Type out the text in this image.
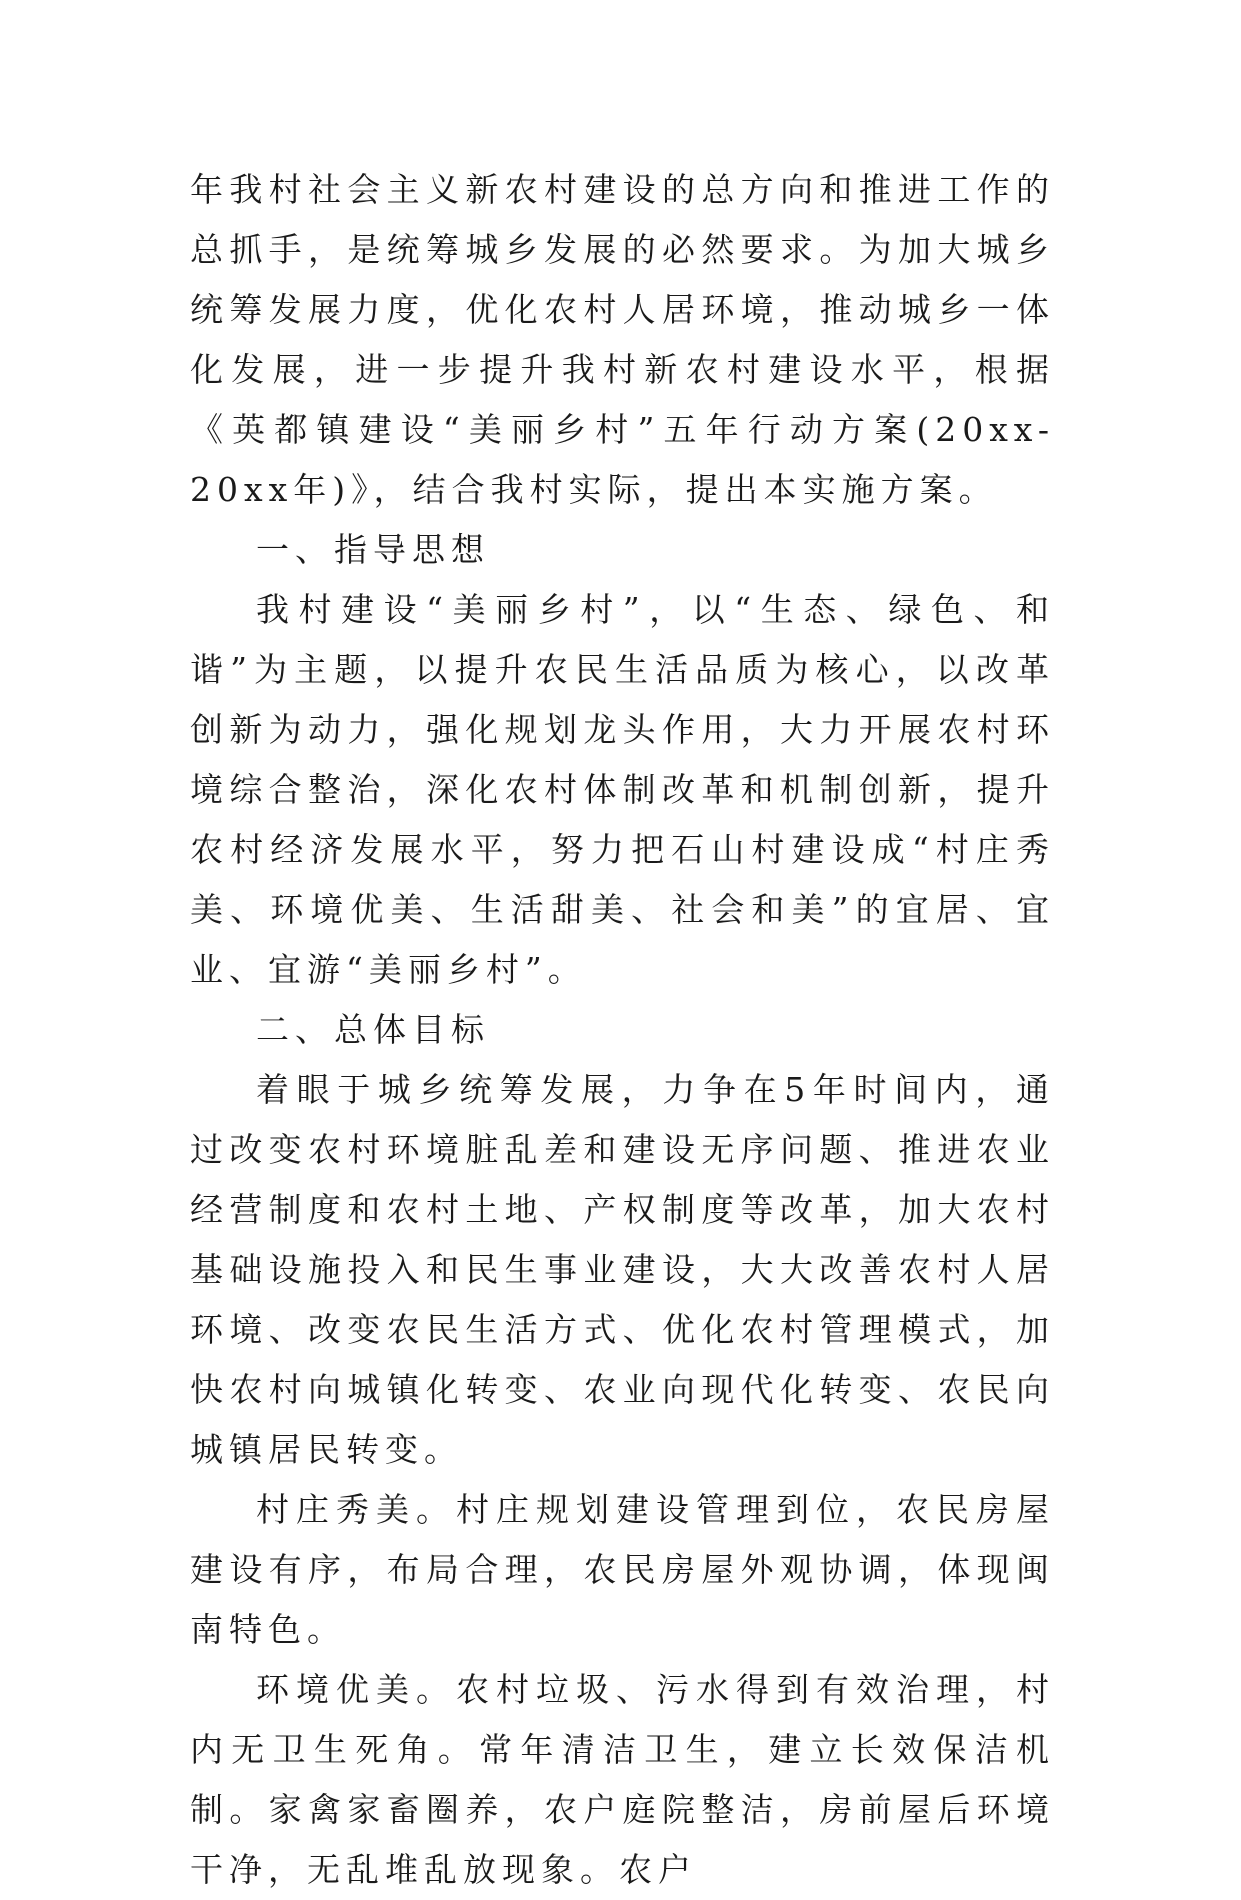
年我村社会主义新农村建设的总方向和推进工作的总抓手，是统筹城乡发展的必然要求。为加大城乡统筹发展力度，优化农村人居环境，推动城乡一体化发展，进一步提升我村新农村建设水平，根据《英都镇建设“美丽乡村”五年行动方案(20xx-20xx年)》，结合我村实际，提出本实施方案。

一、指导思想

我村建设“美丽乡村”，以“生态、绿色、和谐”为主题，以提升农民生活品质为核心，以改革创新为动力，强化规划龙头作用，大力开展农村环境综合整治，深化农村体制改革和机制创新，提升农村经济发展水平，努力把石山村建设成“村庄秀美、环境优美、生活甜美、社会和美”的宜居、宜业、宜游“美丽乡村”。

二、总体目标

着眼于城乡统筹发展，力争在5年时间内，通过改变农村环境脏乱差和建设无序问题、推进农业经营制度和农村土地、产权制度等改革，加大农村基础设施投入和民生事业建设，大大改善农村人居环境、改变农民生活方式、优化农村管理模式，加快农村向城镇化转变、农业向现代化转变、农民向城镇居民转变。

村庄秀美。村庄规划建设管理到位，农民房屋建设有序，布局合理，农民房屋外观协调，体现闽南特色。

环境优美。农村垃圾、污水得到有效治理，村内无卫生死角。常年清洁卫生，建立长效保洁机制。家禽家畜圈养，农户庭院整洁，房前屋后环境干净，无乱堆乱放现象。农户
